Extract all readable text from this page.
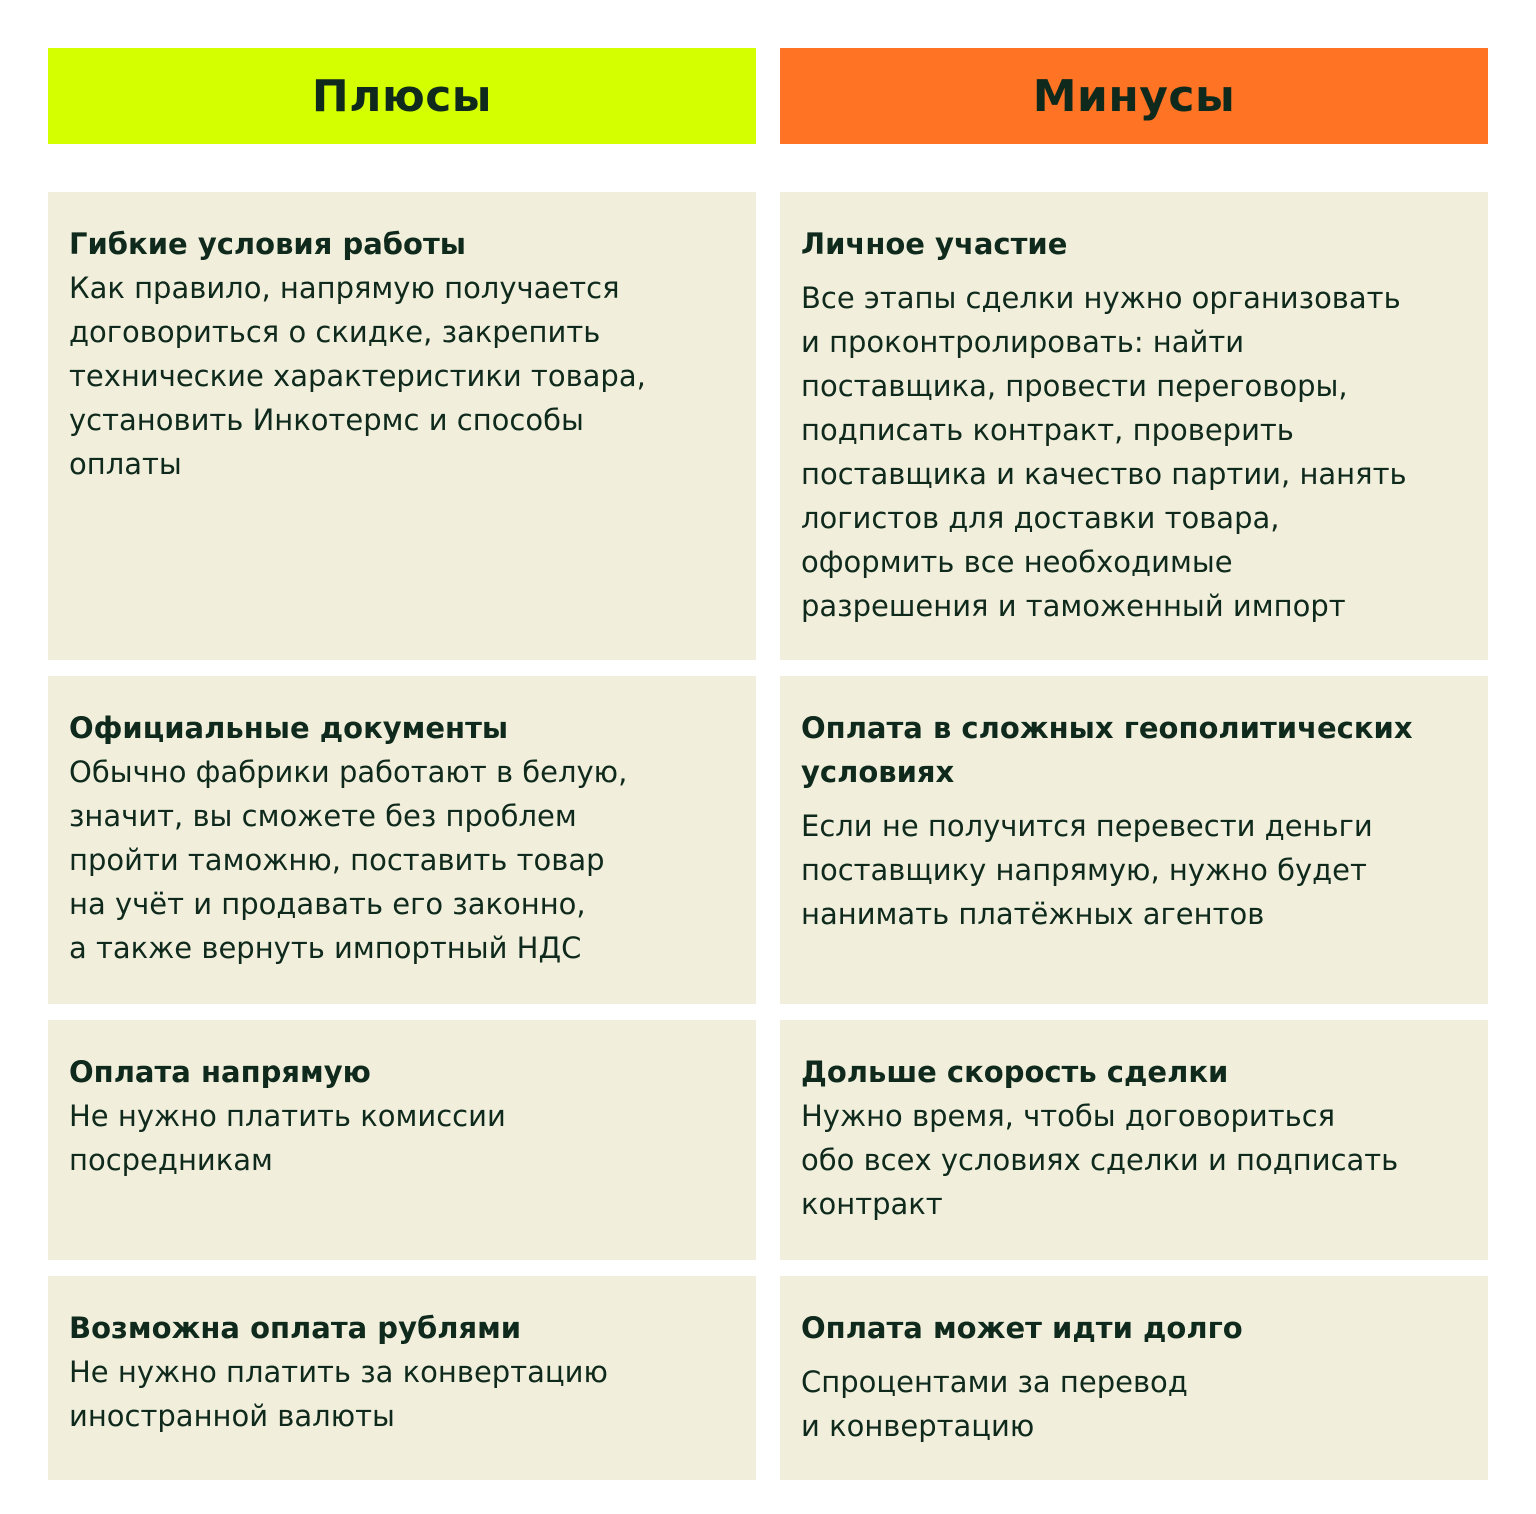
Плюсы	Минусы

Гибкие условия работы

Как правило, напрямую получается
договориться о скидке, закрепить
технические характеристики товара,
установить Инкотермс и способы
оплаты

Личное участие

Все этапы сделки нужно организовать
и проконтролировать: найти
поставщика, провести переговоры,
подписать контракт, проверить
поставщика и качество партии, нанять
логистов для доставки товара,
оформить все необходимые
разрешения и таможенный импорт

Официальные документы

Обычно фабрики работают в белую,
значит, вы сможете без проблем
пройти таможню, поставить товар
на учёт и продавать его законно,
а также вернуть импортный НДС

Оплата в сложных геополитических
условиях

Если не получится перевести деньги
поставщику напрямую, нужно будет
нанимать платёжных агентов

Оплата напрямую

Не нужно платить комиссии
посредникам

Дольше скорость сделки

Нужно время, чтобы договориться
обо всех условиях сделки и подписать
контракт

Возможна оплата рублями

Не нужно платить за конвертацию
иностранной валюты

Оплата может идти долго

Спроцентами за перевод
и конвертацию
